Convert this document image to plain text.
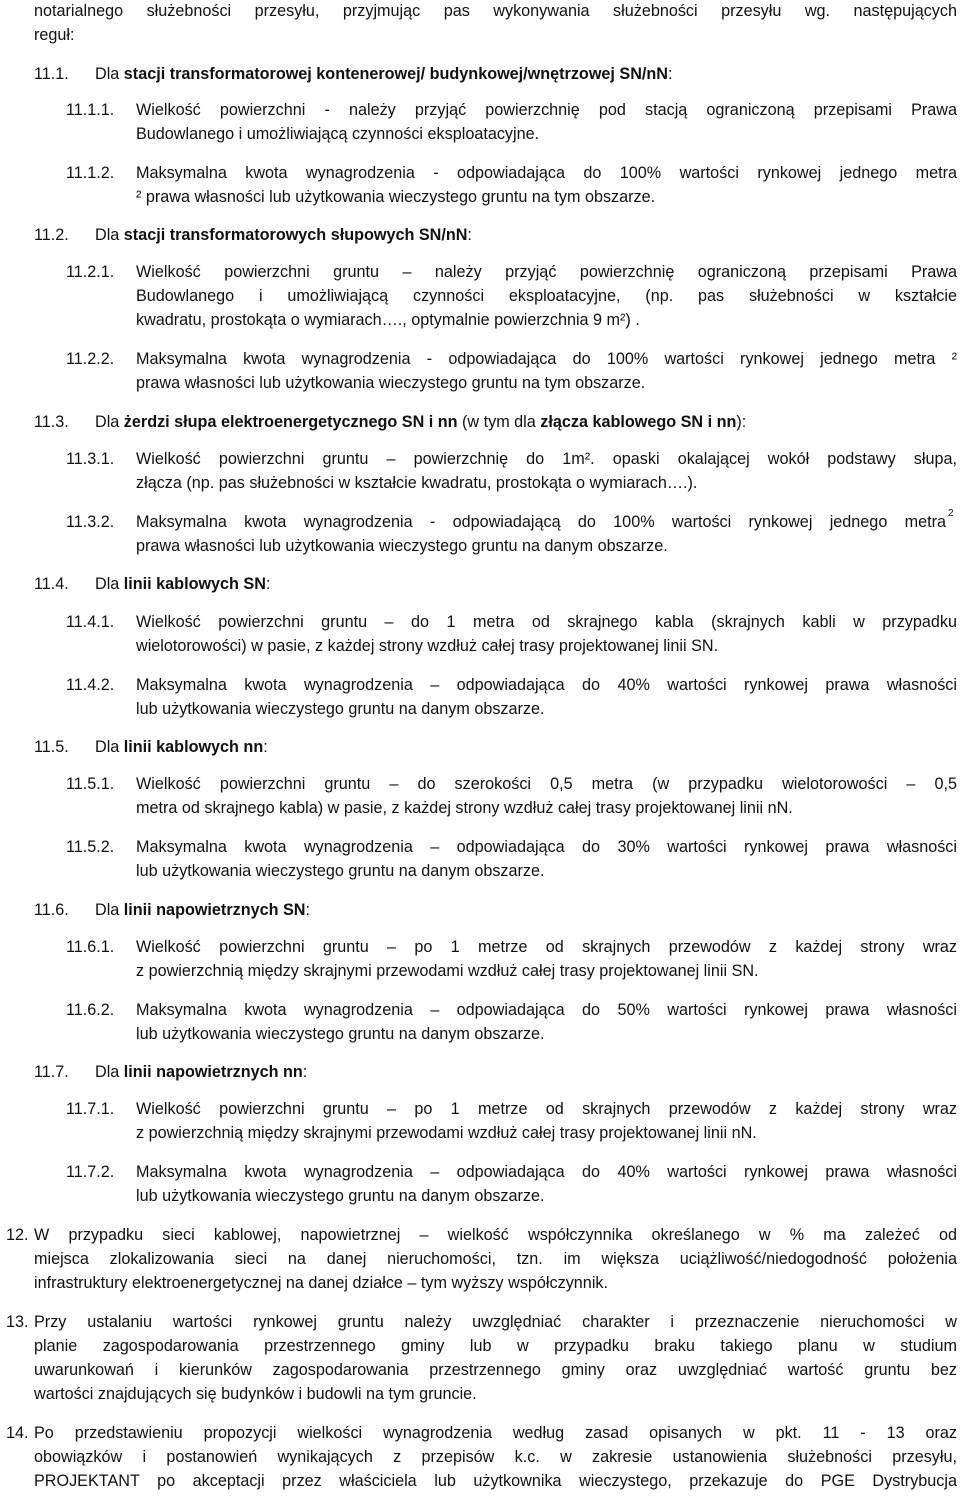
notarialnego służebności przesyłu, przyjmując pas wykonywania służebności przesyłu wg. następujących
reguł:
11.1. Dla stacji transformatorowej kontenerowej/ budynkowej/wnętrzowej SN/nN:
11.1.1. Wielkość powierzchni - należy przyjąć powierzchnię pod stacją ograniczoną przepisami Prawa
Budowlanego i umożliwiającą czynności eksploatacyjne.
11.1.2. Maksymalna kwota wynagrodzenia - odpowiadająca do 100% wartości rynkowej jednego metra
² prawa własności lub użytkowania wieczystego gruntu na tym obszarze.
11.2. Dla stacji transformatorowych słupowych SN/nN:
11.2.1. Wielkość powierzchni gruntu – należy przyjąć powierzchnię ograniczoną przepisami Prawa
Budowlanego i umożliwiającą czynności eksploatacyjne, (np. pas służebności w kształcie
kwadratu, prostokąta o wymiarach…., optymalnie powierzchnia 9 m²) .
11.2.2. Maksymalna kwota wynagrodzenia - odpowiadająca do 100% wartości rynkowej jednego metra ²
prawa własności lub użytkowania wieczystego gruntu na tym obszarze.
11.3. Dla żerdzi słupa elektroenergetycznego SN i nn (w tym dla złącza kablowego SN i nn):
11.3.1. Wielkość powierzchni gruntu – powierzchnię do 1m². opaski okalającej wokół podstawy słupa,
złącza (np. pas służebności w kształcie kwadratu, prostokąta o wymiarach….).
11.3.2. Maksymalna kwota wynagrodzenia - odpowiadającą do 100% wartości rynkowej jednego metra 2
prawa własności lub użytkowania wieczystego gruntu na danym obszarze.
11.4. Dla linii kablowych SN:
11.4.1. Wielkość powierzchni gruntu – do 1 metra od skrajnego kabla (skrajnych kabli w przypadku
wielotorowości) w pasie, z każdej strony wzdłuż całej trasy projektowanej linii SN.
11.4.2. Maksymalna kwota wynagrodzenia – odpowiadająca do 40% wartości rynkowej prawa własności
lub użytkowania wieczystego gruntu na danym obszarze.
11.5. Dla linii kablowych nn:
11.5.1. Wielkość powierzchni gruntu – do szerokości 0,5 metra (w przypadku wielotorowości – 0,5
metra od skrajnego kabla) w pasie, z każdej strony wzdłuż całej trasy projektowanej linii nN.
11.5.2. Maksymalna kwota wynagrodzenia – odpowiadająca do 30% wartości rynkowej prawa własności
lub użytkowania wieczystego gruntu na danym obszarze.
11.6. Dla linii napowietrznych SN:
11.6.1. Wielkość powierzchni gruntu – po 1 metrze od skrajnych przewodów z każdej strony wraz
z powierzchnią między skrajnymi przewodami wzdłuż całej trasy projektowanej linii SN.
11.6.2. Maksymalna kwota wynagrodzenia – odpowiadająca do 50% wartości rynkowej prawa własności
lub użytkowania wieczystego gruntu na danym obszarze.
11.7. Dla linii napowietrznych nn:
11.7.1. Wielkość powierzchni gruntu – po 1 metrze od skrajnych przewodów z każdej strony wraz
z powierzchnią między skrajnymi przewodami wzdłuż całej trasy projektowanej linii nN.
11.7.2. Maksymalna kwota wynagrodzenia – odpowiadająca do 40% wartości rynkowej prawa własności
lub użytkowania wieczystego gruntu na danym obszarze.
12. W przypadku sieci kablowej, napowietrznej – wielkość współczynnika określanego w % ma zależeć od
miejsca zlokalizowania sieci na danej nieruchomości, tzn. im większa uciążliwość/niedogodność położenia
infrastruktury elektroenergetycznej na danej działce – tym wyższy współczynnik.
13. Przy ustalaniu wartości rynkowej gruntu należy uwzględniać charakter i przeznaczenie nieruchomości w
planie zagospodarowania przestrzennego gminy lub w przypadku braku takiego planu w studium
uwarunkowań i kierunków zagospodarowania przestrzennego gminy oraz uwzględniać wartość gruntu bez
wartości znajdujących się budynków i budowli na tym gruncie.
14. Po przedstawieniu propozycji wielkości wynagrodzenia według zasad opisanych w pkt. 11 - 13 oraz
obowiązków i postanowień wynikających z przepisów k.c. w zakresie ustanowienia służebności przesyłu,
PROJEKTANT po akceptacji przez właściciela lub użytkownika wieczystego, przekazuje do PGE Dystrybucja
